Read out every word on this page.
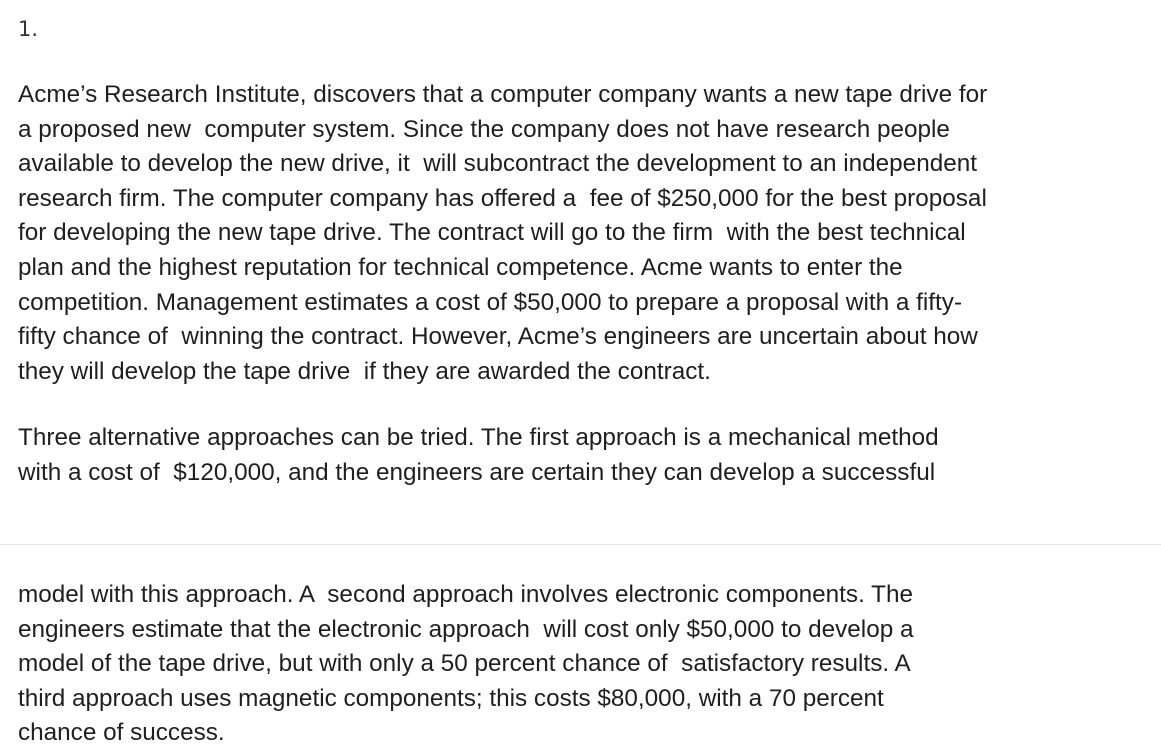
1.

Acme’s Research Institute, discovers that a computer company wants a new tape drive for
a proposed new  computer system. Since the company does not have research people
available to develop the new drive, it  will subcontract the development to an independent
research firm. The computer company has offered a  fee of $250,000 for the best proposal
for developing the new tape drive. The contract will go to the firm  with the best technical
plan and the highest reputation for technical competence. Acme wants to enter the
competition. Management estimates a cost of $50,000 to prepare a proposal with a fifty-
fifty chance of  winning the contract. However, Acme’s engineers are uncertain about how
they will develop the tape drive  if they are awarded the contract.

Three alternative approaches can be tried. The first approach is a mechanical method
with a cost of  $120,000, and the engineers are certain they can develop a successful

model with this approach. A  second approach involves electronic components. The
engineers estimate that the electronic approach  will cost only $50,000 to develop a
model of the tape drive, but with only a 50 percent chance of  satisfactory results. A
third approach uses magnetic components; this costs $80,000, with a 70 percent
chance of success.
